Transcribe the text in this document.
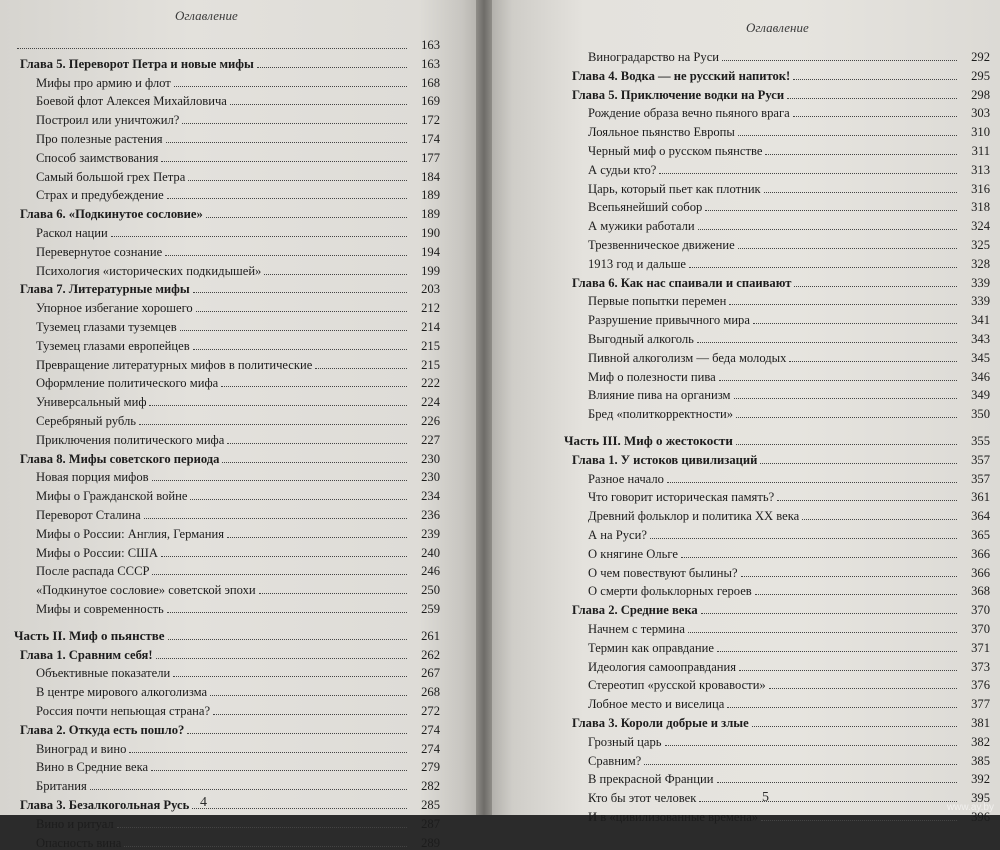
Оглавление
163
Глава 5. Переворот Петра и новые мифы	163
Мифы про армию и флот	168
Боевой флот Алексея Михайловича	169
Построил или уничтожил?	172
Про полезные растения	174
Способ заимствования	177
Самый большой грех Петра	184
Страх и предубеждение	189
Глава 6. «Подкинутое сословие»	189
Раскол нации	190
Перевернутое сознание	194
Психология «исторических подкидышей»	199
Глава 7. Литературные мифы	203
Упорное избегание хорошего	212
Туземец глазами туземцев	214
Туземец глазами европейцев	215
Превращение литературных мифов в политические	215
Оформление политического мифа	222
Универсальный миф	224
Серебряный рубль	226
Приключения политического мифа	227
Глава 8. Мифы советского периода	230
Новая порция мифов	230
Мифы о Гражданской войне	234
Переворот Сталина	236
Мифы о России: Англия, Германия	239
Мифы о России: США	240
После распада СССР	246
«Подкинутое сословие» советской эпохи	250
Мифы и современность	259
Часть II. Миф о пьянстве	261
Глава 1. Сравним себя!	262
Объективные показатели	267
В центре мирового алкоголизма	268
Россия почти непьющая страна?	272
Глава 2. Откуда есть пошло?	274
Виноград и вино	274
Вино в Средние века	279
Британия	282
Глава 3. Безалкогольная Русь	285
Вино и ритуал	287
Опасность вина	289
4
Оглавление
Виноградарство на Руси	292
Глава 4. Водка — не русский напиток!	295
Глава 5. Приключение водки на Руси	298
Рождение образа вечно пьяного врага	303
Лояльное пьянство Европы	310
Черный миф о русском пьянстве	311
А судьи кто?	313
Царь, который пьет как плотник	316
Всепьянейший собор	318
А мужики работали	324
Трезвенническое движение	325
1913 год и дальше	328
Глава 6. Как нас спаивали и спаивают	339
Первые попытки перемен	339
Разрушение привычного мира	341
Выгодный алкоголь	343
Пивной алкоголизм — беда молодых	345
Миф о полезности пива	346
Влияние пива на организм	349
Бред «политкорректности»	350
Часть III. Миф о жестокости	355
Глава 1. У истоков цивилизаций	357
Разное начало	357
Что говорит историческая память?	361
Древний фольклор и политика XX века	364
А на Руси?	365
О княгине Ольге	366
О чем повествуют былины?	366
О смерти фольклорных героев	368
Глава 2. Средние века	370
Начнем с термина	370
Термин как оправдание	371
Идеология самооправдания	373
Стереотип «русской кровавости»	376
Лобное место и виселица	377
Глава 3. Короли добрые и злые	381
Грозный царь	382
Сравним?	385
В прекрасной Франции	392
Кто бы этот человек	395
И в «цивилизованные времена»	396
5
www.ay.by
